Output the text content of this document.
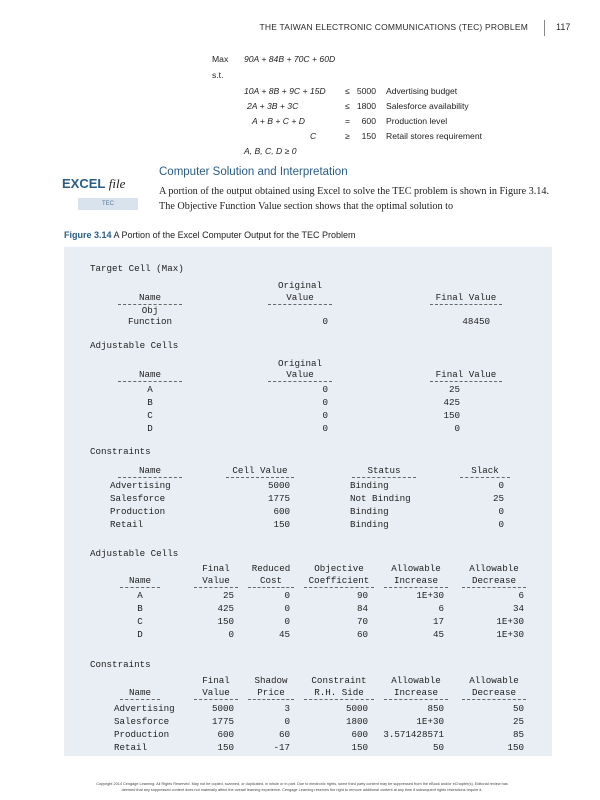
THE TAIWAN ELECTRONIC COMMUNICATIONS (TEC) PROBLEM	117
Max 90A + 84B + 70C + 60D
s.t.
10A + 8B + 9C + 15D ≤ 5000 Advertising budget
2A + 3B + 3C	≤ 1800 Salesforce availability
A + B + C + D	=	600 Production level
C	≥	150 Retail stores requirement
A, B, C, D ≥ 0
EXCEL file
TEC
Computer Solution and Interpretation
A portion of the output obtained using Excel to solve the TEC problem is shown in Figure 3.14. The Objective Function Value section shows that the optimal solution to
Figure 3.14 A Portion of the Excel Computer Output for the TEC Problem
Target Cell (Max)
Original
Name	Value	Final Value
Obj
Function	0	48450
Adjustable Cells
Original
Name	Value	Final Value
A	0	25
B	0	425
C	0	150
D	0	0
Constraints
Name	Cell Value	Status	Slack
Advertising	5000	Binding	0
Salesforce	1775	Not Binding	25
Production	600	Binding	0
Retail	150	Binding	0
Adjustable Cells
Final	Reduced	Objective	Allowable	Allowable
Name	Value	Cost	Coefficient	Increase	Decrease
A	25	0	90	1E+30	6
B	425	0	84	6	34
C	150	0	70	17	1E+30
D	0	45	60	45	1E+30
Constraints
Final	Shadow	Constraint	Allowable	Allowable
Name	Value	Price	R.H. Side	Increase	Decrease
Advertising	5000	3	5000	850	50
Salesforce	1775	0	1800	1E+30	25
Production	600	60	600	3.571428571	85
Retail	150	-17	150	50	150
Copyright 2014 Cengage Learning. All Rights Reserved. May not be copied, scanned, or duplicated, in whole or in part. Due to electronic rights, some third party content may be suppressed from the eBook and/or eChapter(s). Editorial review has
deemed that any suppressed content does not materially affect the overall learning experience. Cengage Learning reserves the right to remove additional content at any time if subsequent rights restrictions require it.
